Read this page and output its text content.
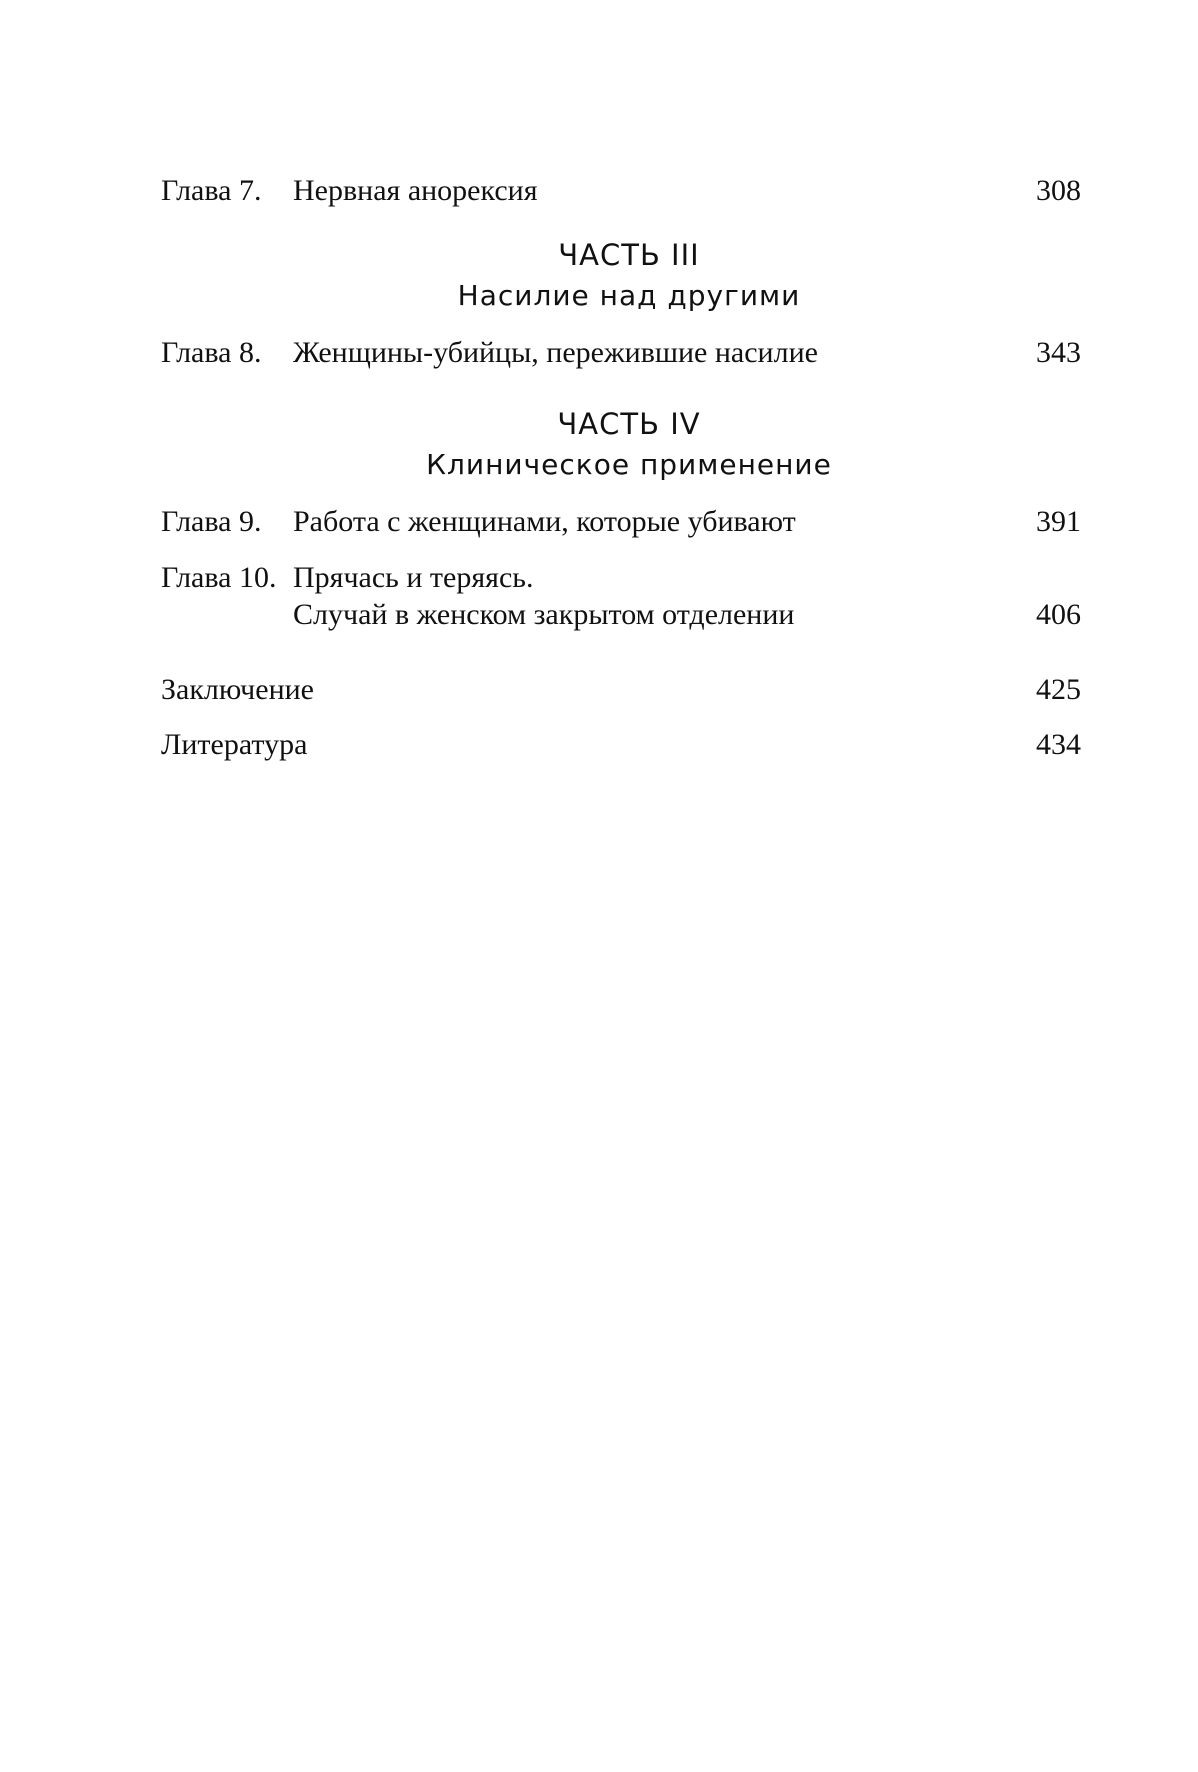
Глава 7. Нервная анорексия	308
ЧАСТЬ III
Насилие над другими
Глава 8. Женщины-убийцы, пережившие насилие	343
ЧАСТЬ IV
Клиническое применение
Глава 9. Работа с женщинами, которые убивают	391
Глава 10. Прячась и теряясь.
Случай в женском закрытом отделении	406
Заключение	425
Литература	434
